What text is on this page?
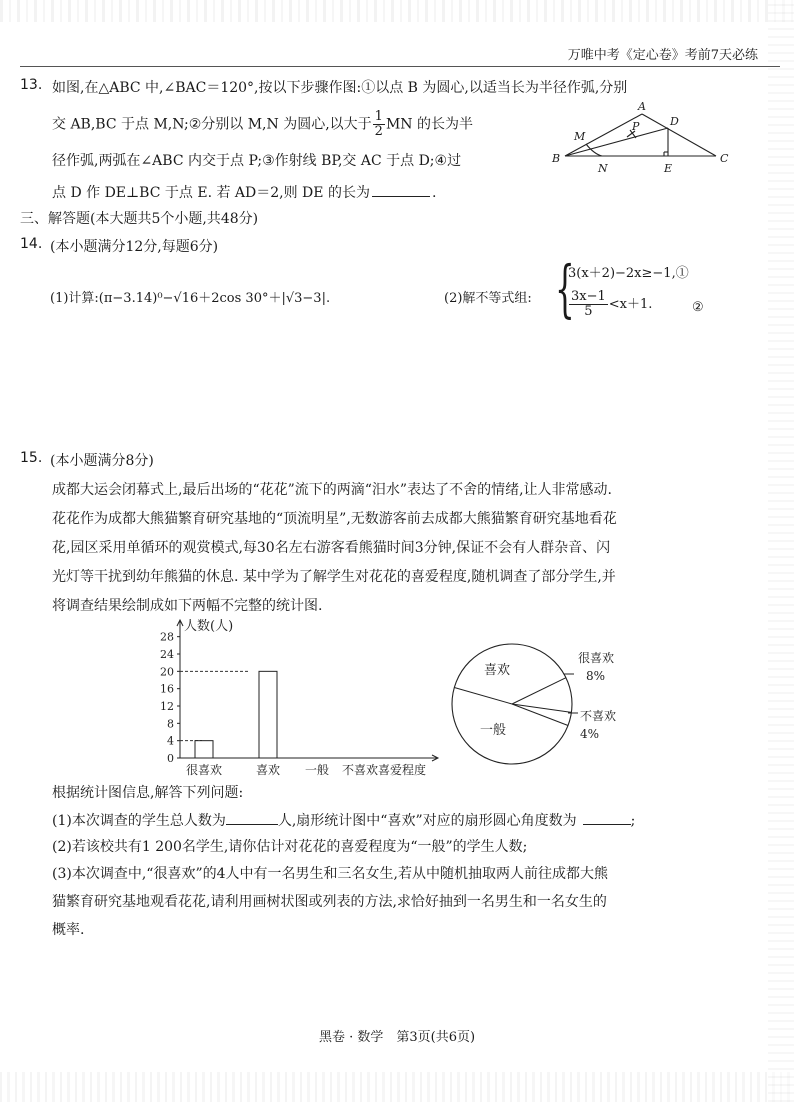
万唯中考《定心卷》考前7天必练
13. 如图,在△ABC 中,∠BAC＝120°,按以下步骤作图:①以点 B 为圆心,以适当长为半径作弧,分别
交 AB,BC 于点 M,N;②分别以 M,N 为圆心,以大于 $\frac{1}{2}$ MN 的长为半
径作弧,两弧在∠ABC 内交于点 P;③作射线 BP,交 AC 于点 D;④过
点 D 作 DE⊥BC 于点 E. 若 AD＝2,则 DE 的长为	.
A
B	C
D
E
M
N
P
三、解答题(本大题共5个小题,共48分)
14. (本小题满分12分,每题6分)
(1)计算:(π−3.14)⁰−√16＋2cos 30°＋|√3−3|.	(2)解不等式组: {
3(x＋2)−2x≥−1,①
$\frac{3x-1}{5} <x+1$.	②
15. (本小题满分8分)
成都大运会闭幕式上,最后出场的“花花”流下的两滴“汨水”表达了不舍的情绪,让人非常感动.
花花作为成都大熊猫繁育研究基地的“顶流明星”,无数游客前去成都大熊猫繁育研究基地看花
花,园区采用单循环的观赏模式,每30名左右游客看熊猫时间3分钟,保证不会有人群杂音、闪
光灯等干扰到幼年熊猫的休息. 某中学为了解学生对花花的喜爱程度,随机调查了部分学生,并
将调查结果绘制成如下两幅不完整的统计图.
人数(人)
喜爱程度
0
4
8
12
16
20
24
28
很喜欢	喜欢 一般 不喜欢
喜欢
一般
很喜欢
8%
不喜欢
4%
根据统计图信息,解答下列问题:
(1)本次调查的学生总人数为	人,扇形统计图中“喜欢”对应的扇形圆心角度数为	;
(2)若该校共有1 200名学生,请你估计对花花的喜爱程度为“一般”的学生人数;
(3)本次调查中,“很喜欢”的4人中有一名男生和三名女生,若从中随机抽取两人前往成都大熊
猫繁育研究基地观看花花,请利用画树状图或列表的方法,求恰好抽到一名男生和一名女生的
概率.
黑卷 · 数学　第3页(共6页)
